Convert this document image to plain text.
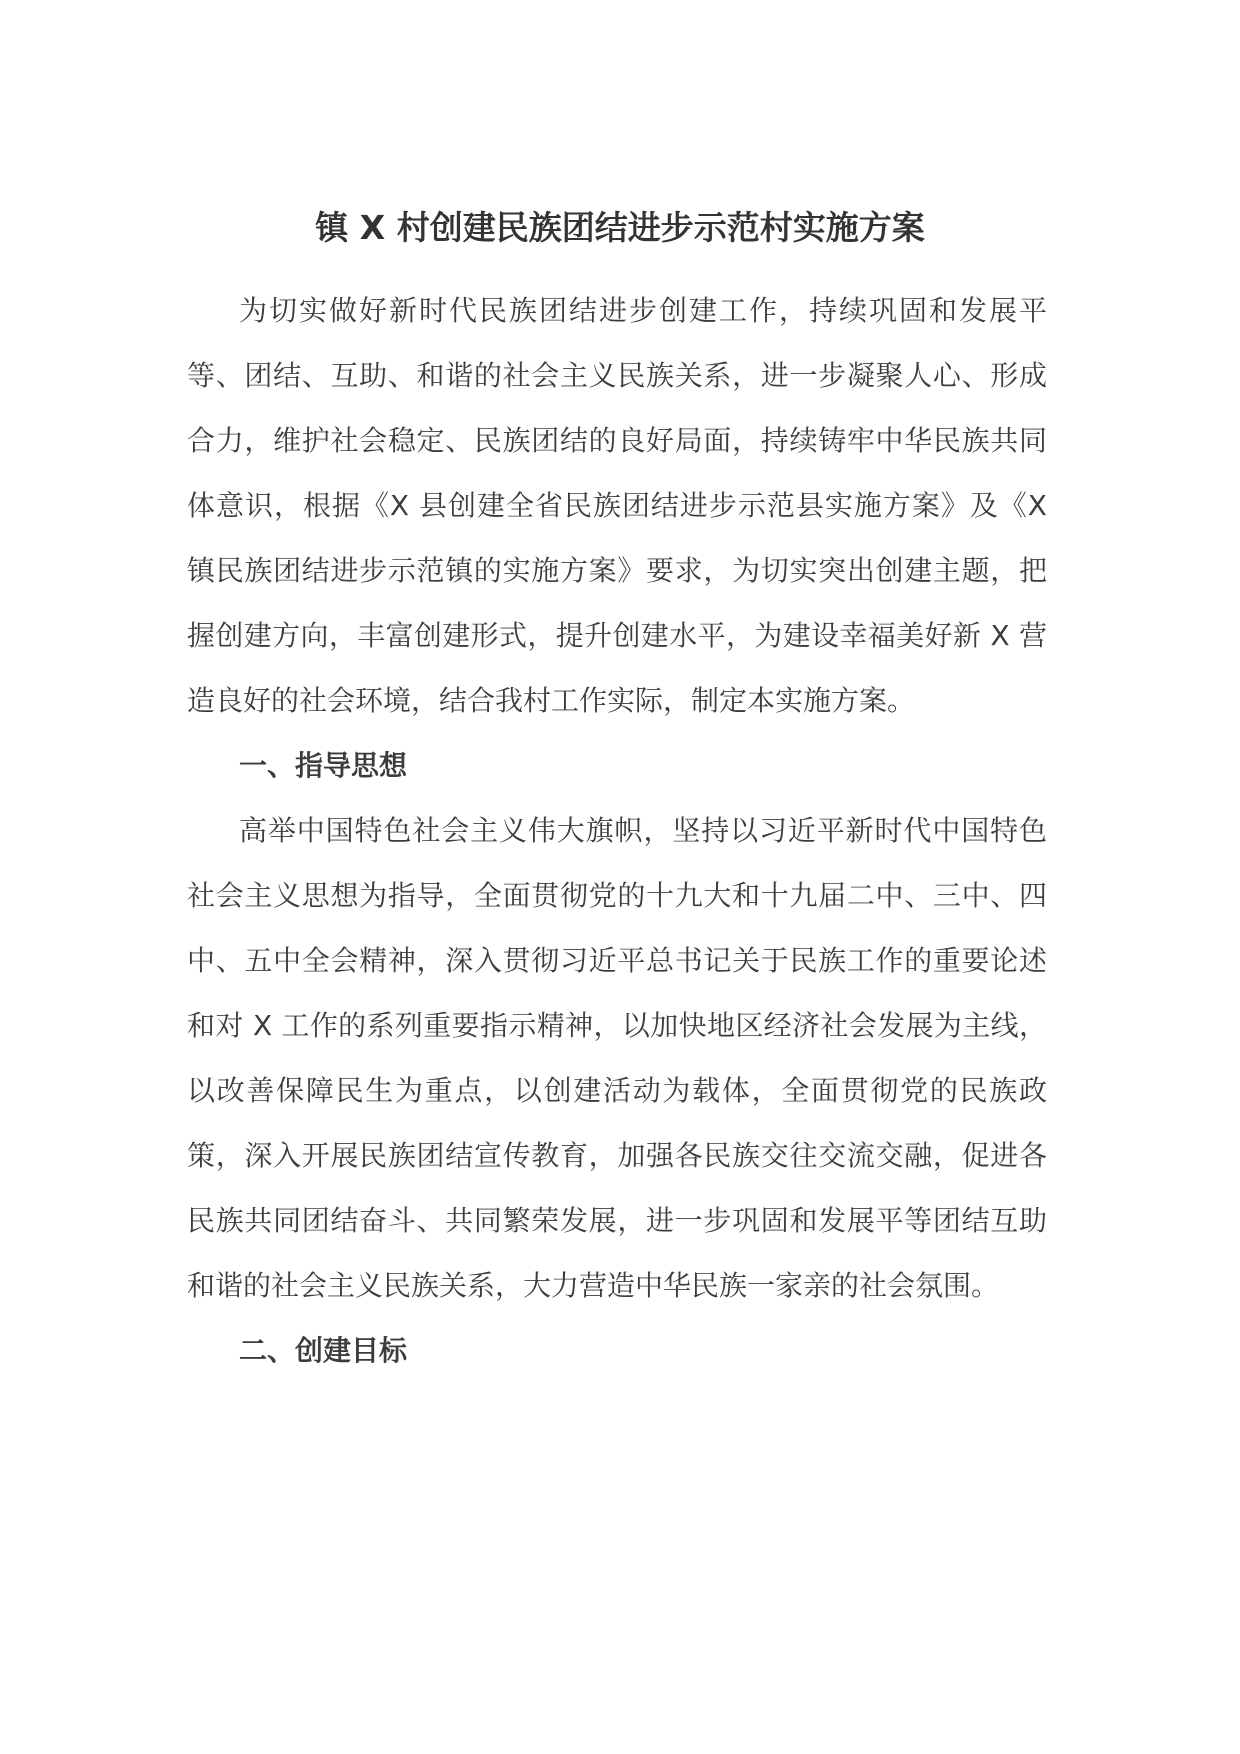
镇 X 村创建民族团结进步示范村实施方案

为切实做好新时代民族团结进步创建工作，持续巩固和发展平等、团结、互助、和谐的社会主义民族关系，进一步凝聚人心、形成合力，维护社会稳定、民族团结的良好局面，持续铸牢中华民族共同体意识，根据《X 县创建全省民族团结进步示范县实施方案》及《X 镇民族团结进步示范镇的实施方案》要求，为切实突出创建主题，把握创建方向，丰富创建形式，提升创建水平，为建设幸福美好新 X 营造良好的社会环境，结合我村工作实际，制定本实施方案。

一、指导思想

高举中国特色社会主义伟大旗帜，坚持以习近平新时代中国特色社会主义思想为指导，全面贯彻党的十九大和十九届二中、三中、四中、五中全会精神，深入贯彻习近平总书记关于民族工作的重要论述和对 X 工作的系列重要指示精神，以加快地区经济社会发展为主线，以改善保障民生为重点，以创建活动为载体，全面贯彻党的民族政策，深入开展民族团结宣传教育，加强各民族交往交流交融，促进各民族共同团结奋斗、共同繁荣发展，进一步巩固和发展平等团结互助和谐的社会主义民族关系，大力营造中华民族一家亲的社会氛围。

二、创建目标
